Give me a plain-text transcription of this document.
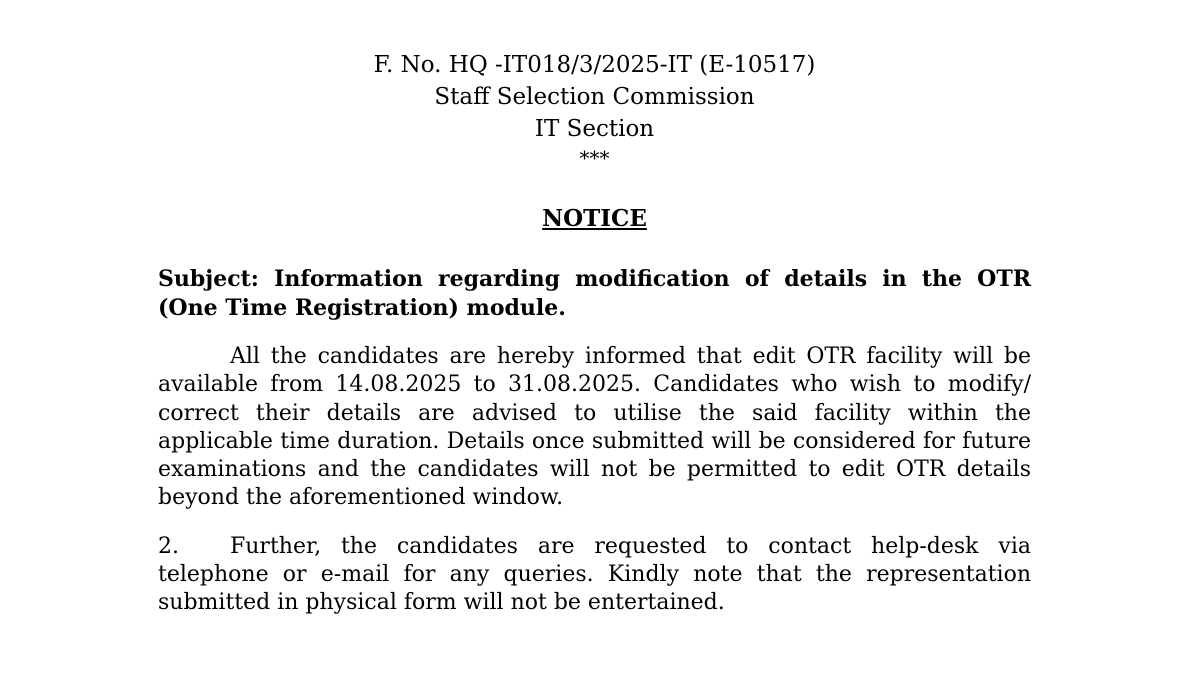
F. No. HQ -IT018/3/2025-IT (E-10517)
Staff Selection Commission
IT Section
***
NOTICE
Subject: Information regarding modification of details in the OTR (One Time Registration) module.
All the candidates are hereby informed that edit OTR facility will be available from 14.08.2025 to 31.08.2025. Candidates who wish to modify/ correct their details are advised to utilise the said facility within the applicable time duration. Details once submitted will be considered for future examinations and the candidates will not be permitted to edit OTR details beyond the aforementioned window.
2. Further, the candidates are requested to contact help-desk via telephone or e-mail for any queries. Kindly note that the representation submitted in physical form will not be entertained.
